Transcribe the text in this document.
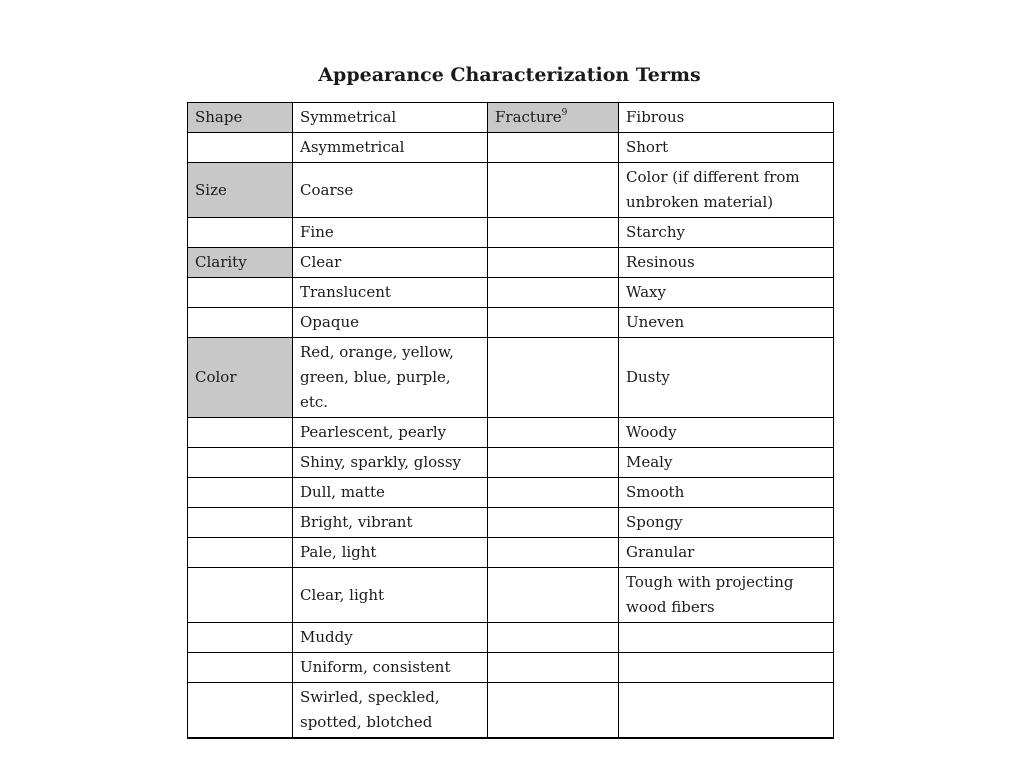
Appearance Characterization Terms
Shape	Symmetrical	Fracture$^9$	Fibrous
	Asymmetrical		Short
Size	Coarse		Color (if different from unbroken material)
	Fine		Starchy
Clarity	Clear		Resinous
	Translucent		Waxy
	Opaque		Uneven
Color	Red, orange, yellow, green, blue, purple, etc.		Dusty
	Pearlescent, pearly		Woody
	Shiny, sparkly, glossy		Mealy
	Dull, matte		Smooth
	Bright, vibrant		Spongy
	Pale, light		Granular
	Clear, light		Tough with projecting wood fibers
	Muddy		
	Uniform, consistent		
	Swirled, speckled, spotted, blotched		
